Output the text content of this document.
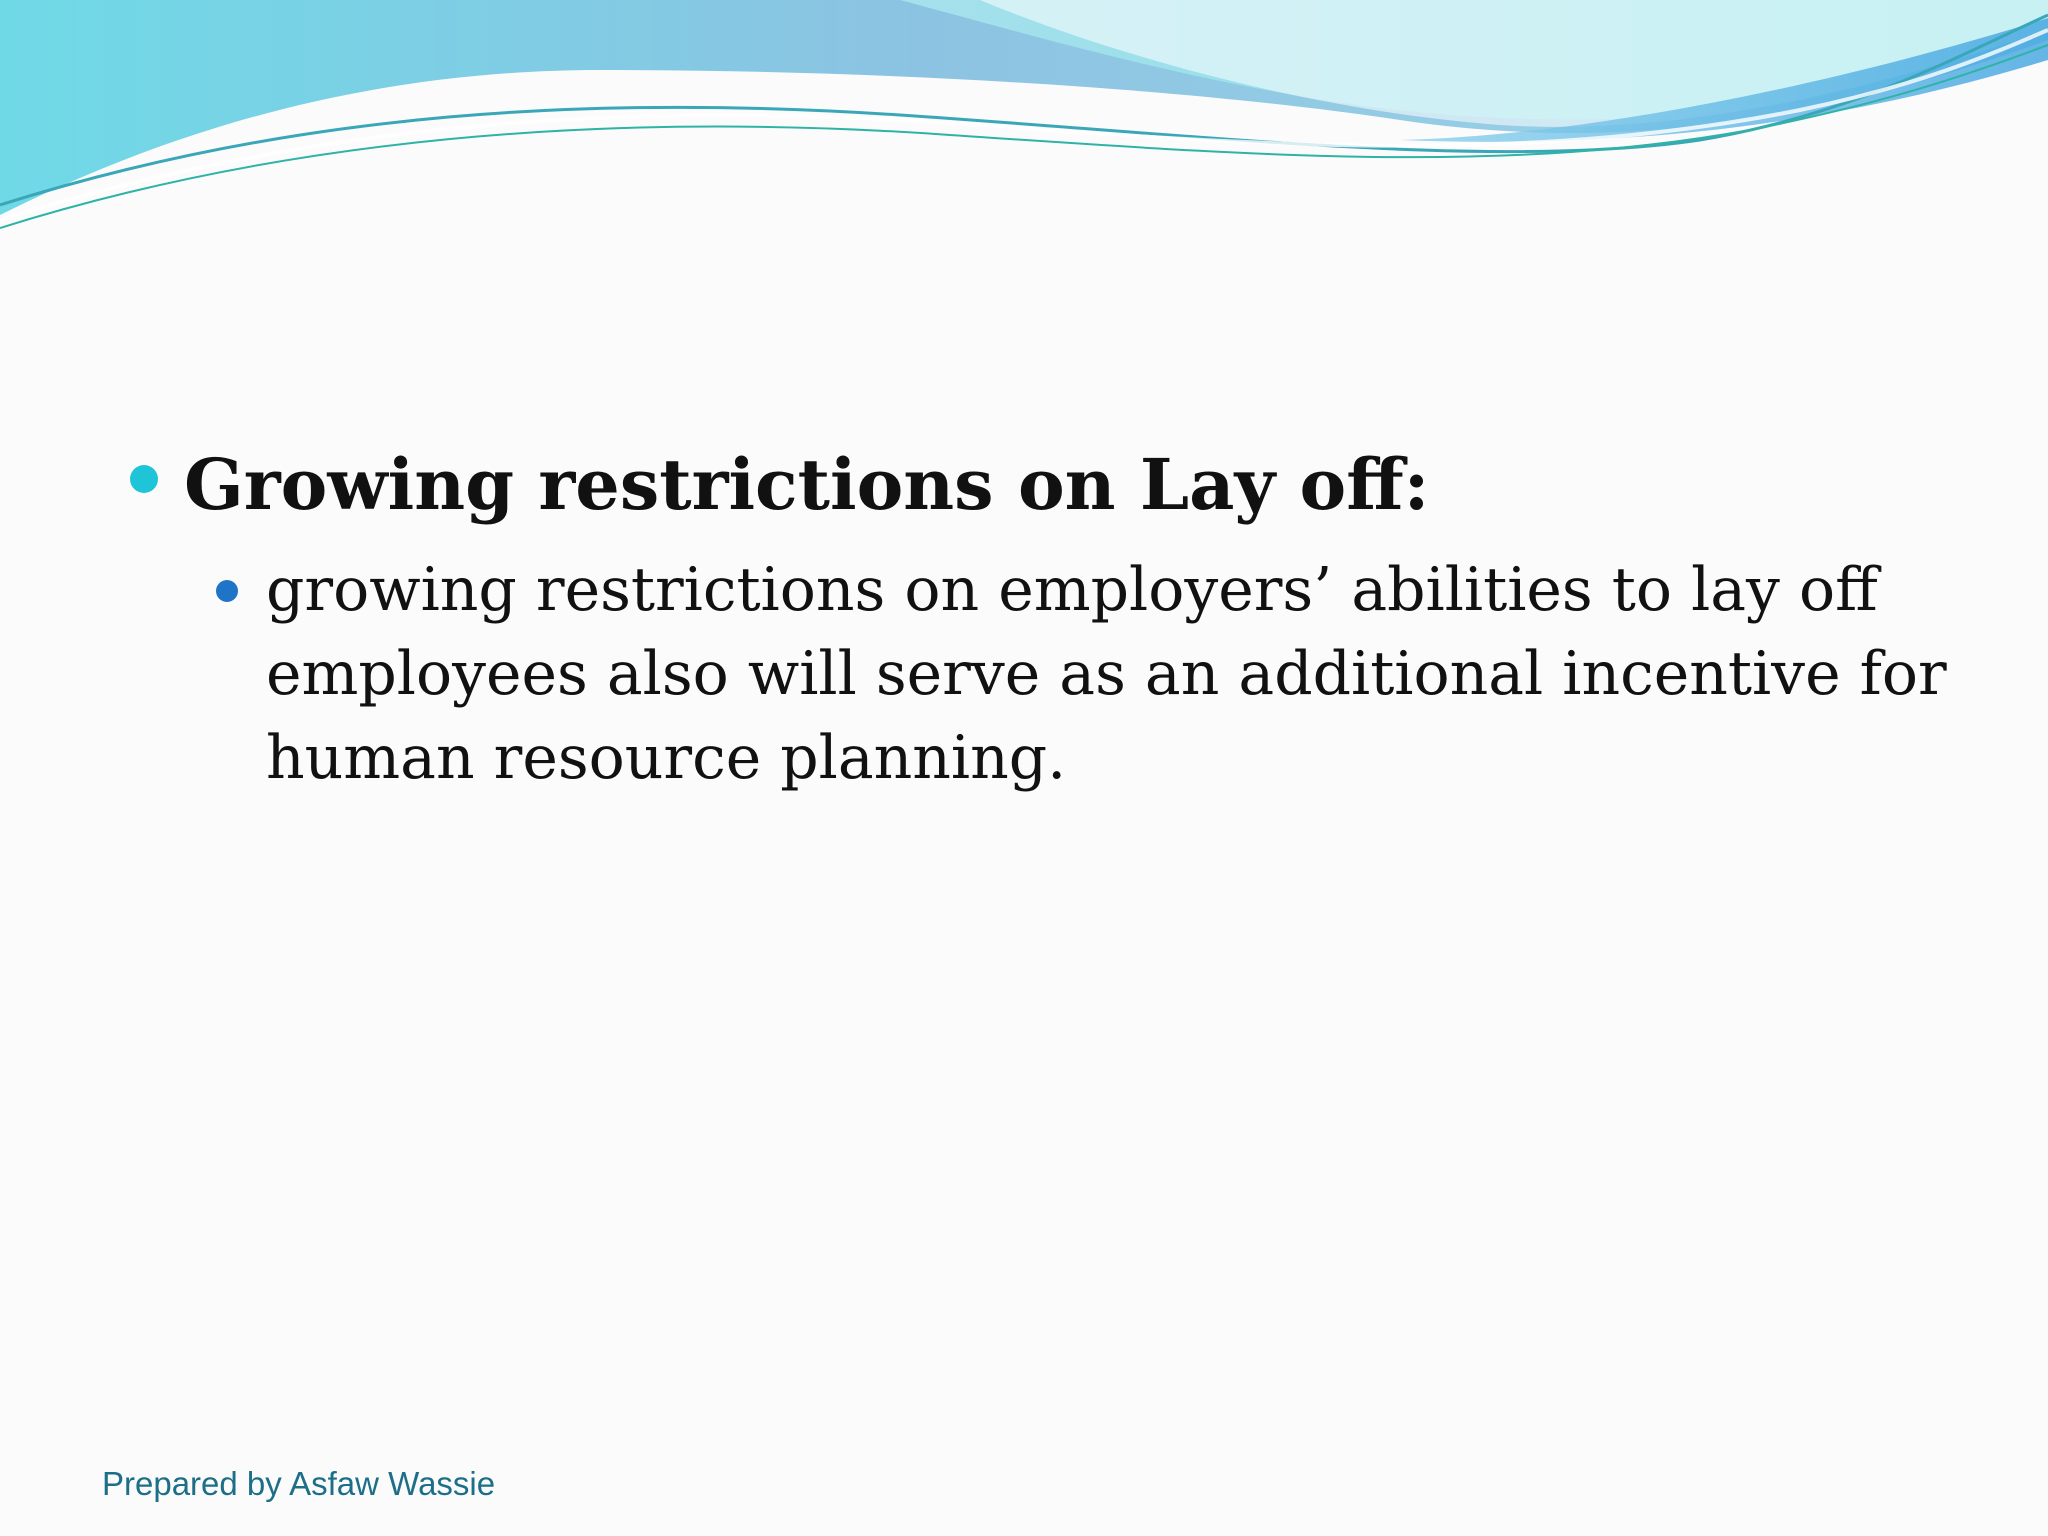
Growing restrictions on Lay off:
growing restrictions on employers’ abilities to lay off employees also will serve as an additional incentive for human resource planning.
Prepared by Asfaw Wassie
